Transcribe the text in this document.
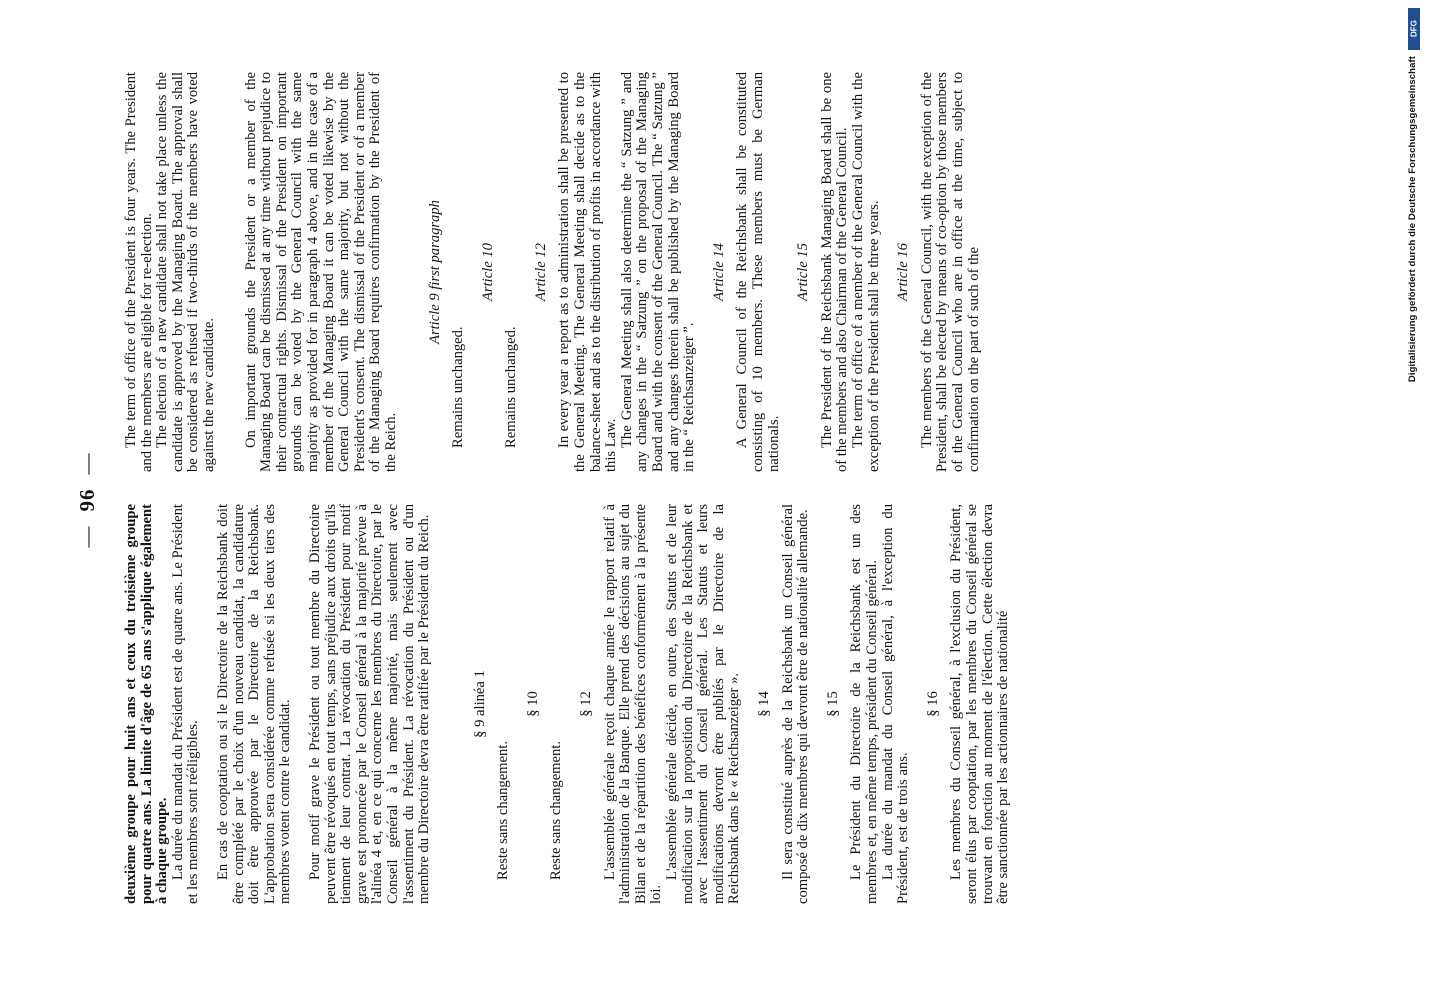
—96—

deuxième groupe pour huit ans et ceux du troisième groupe pour quatre ans. La limite d'âge de 65 ans s'applique également à chaque groupe. La durée du mandat du Président est de quatre ans. Le Président et les membres sont rééligibles. En cas de cooptation ou si le Directoire de la Reichsbank doit être complété par le choix d'un nouveau candidat, la candidature doit être approuvée par le Directoire de la Reichsbank. L'approbation sera considérée comme refusée si les deux tiers des membres votent contre le candidat. Pour motif grave le Président ou tout membre du Directoire peuvent être révoqués en tout temps, sans préjudice aux droits qu'ils tiennent de leur contrat. La révocation du Président pour motif grave est prononcée par le Conseil général à la majorité prévue à l'alinéa 4 et, en ce qui concerne les membres du Directoire, par le Conseil général à la même majorité, mais seulement avec l'assentiment du Président. La révocation du Président ou d'un membre du Directoire devra être ratifiée par le Président du Reich.	§ 9 alinéa 1
Reste sans changement.
§ 10
Reste sans changement.
§ 12 L'assemblée générale reçoit chaque année le rapport relatif à l'administration de la Banque. Elle prend des décisions au sujet du Bilan et de la répartition des bénéfices conformément à la présente loi.

L'assemblée générale décide, en outre, des Statuts et de leur modification sur la proposition du Directoire de la Reichsbank et avec l'assentiment du Conseil général. Les Statuts et leurs modifications devront être publiés par le Directoire de la Reichsbank dans le « Reichsanzeiger ». § 14 Il sera constitué auprès de la Reichsbank un Conseil général composé de dix membres qui devront être de nationalité allemande. § 15 Le Président du Directoire de la Reichsbank est un des membres et, en même temps, président du Conseil général. La durée du mandat du Conseil général, à l'exception du Président, est de trois ans.

§ 16 Les membres du Conseil général, à l'exclusion du Président, seront élus par cooptation, par les membres du Conseil général se trouvant en fonction au moment de l'élection. Cette élection devra être sanctionnée par les actionnaires de nationalité

The term of office of the President is four years. The President and the members are eligible for re-election. The election of a new candidate shall not take place unless the candidate is approved by the Managing Board. The approval shall be considered as refused if two-thirds of the members have voted against the new candidate. On important grounds the President or a member of the Managing Board can be dismissed at any time without prejudice to their contractual rights. Dismissal of the President on important grounds can be voted by the General Council with the same majority as provided for in paragraph 4 above, and in the case of a member of the Managing Board it can be voted likewise by the General Council with the same majority, but not without the President's consent. The dismissal of the President or of a member of the Managing Board requires confirmation by the President of the Reich.

Article 9 first paragraph
Remains unchanged.
Article 10
Remains unchanged.
Article 12 In every year a report as to administration shall be presented to the General Meeting. The General Meeting shall decide as to the balance-sheet and as to the distribution of profits in accordance with this Law. The General Meeting shall also determine the “ Satzung ” and any changes in the “ Satzung ” on the proposal of the Managing Board and with the consent of the General Council. The “ Satzung ” and any changes therein shall be published by the Managing Board in the “ Reichsanzeiger ”.

Article 14 A General Council of the Reichsbank shall be constituted consisting of 10 members. These members must be German nationals.

Article 15 The President of the Reichsbank Managing Board shall be one of the members and also Chairman of the General Council. The term of office of a member of the General Council with the exception of the President shall be three years. Article 16 The members of the General Council, with the exception of the President, shall be elected by means of co-option by those members of the General Council who are in office at the time, subject to confirmation on the part of such of the

DFG
Digitalisierung gefördert durch die Deutsche Forschungsgemeinschaft
